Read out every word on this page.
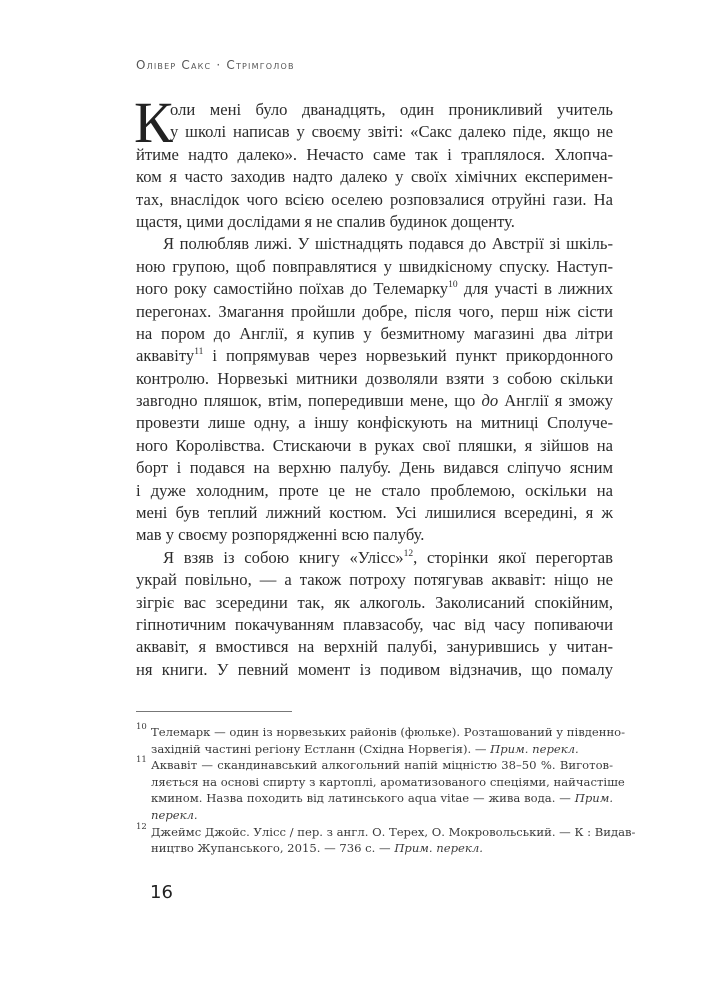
Олівер Сакс · Стрімголов
К
оли мені було дванадцять, один проникливий учитель
у школі написав у своєму звіті: «Сакс далеко піде, якщо не
йтиме надто далеко». Нечасто саме так і траплялося. Хлопча-
ком я часто заходив надто далеко у своїх хімічних експеримен-
тах, внаслідок чого всією оселею розповзалися отруйні гази. На
щастя, цими дослідами я не спалив будинок дощенту.
Я полюбляв лижі. У шістнадцять подався до Австрії зі шкіль-
ною групою, щоб повправлятися у швидкісному спуску. Наступ-
ного року самостійно поїхав до Телемарку$^{10}$ для участі в лижних
перегонах. Змагання пройшли добре, після чого, перш ніж сісти
на пором до Англії, я купив у безмитному магазині два літри
аквавіту$^{11}$ і попрямував через норвезький пункт прикордонного
контролю. Норвезькі митники дозволяли взяти з собою скільки
завгодно пляшок, втім, попередивши мене, що до Англії я зможу
провезти лише одну, а іншу конфіскують на митниці Сполуче-
ного Королівства. Стискаючи в руках свої пляшки, я зійшов на
борт і подався на верхню палубу. День видався сліпучо ясним
і дуже холодним, проте це не стало проблемою, оскільки на
мені був теплий лижний костюм. Усі лишилися всередині, я ж
мав у своєму розпорядженні всю палубу.
Я взяв із собою книгу «Улісс»$^{12}$, сторінки якої перегортав
украй повільно, — а також потроху потягував аквавіт: ніщо не
зігріє вас зсередини так, як алкоголь. Заколисаний спокійним,
гіпнотичним покачуванням плавзасобу, час від часу попиваючи
аквавіт, я вмостився на верхній палубі, занурившись у читан-
ня книги. У певний момент із подивом відзначив, що помалу
10 Телемарк — один із норвезьких районів (фюльке). Розташований у південно-
західній частині регіону Естланн (Східна Норвегія). — Прим. перекл.
11 Аквавіт — скандинавський алкогольний напій міцністю 38–50 %. Виготов-
ляється на основі спирту з картоплі, ароматизованого спеціями, найчастіше
кмином. Назва походить від латинського aqua vitae — жива вода. — Прим.
перекл.
12 Джеймс Джойс. Улісс / пер. з англ. О. Терех, О. Мокровольський. — К : Видав-
ництво Жупанського, 2015. — 736 с. — Прим. перекл.
16
